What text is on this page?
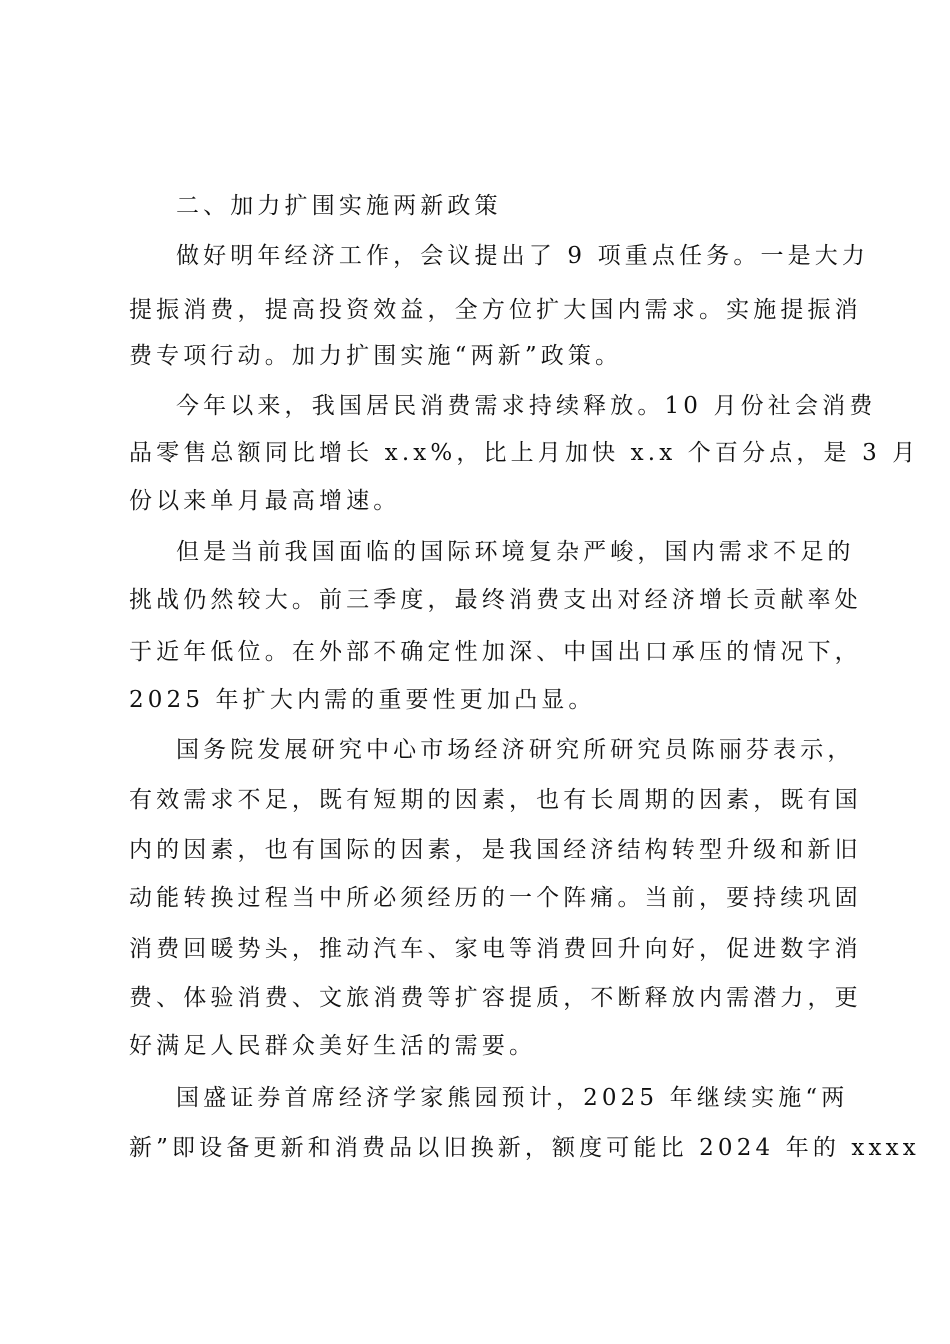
二、加力扩围实施两新政策
做好明年经济工作，会议提出了 9 项重点任务。一是大力
提振消费，提高投资效益，全方位扩大国内需求。实施提振消
费专项行动。加力扩围实施“两新”政策。
今年以来，我国居民消费需求持续释放。10 月份社会消费
品零售总额同比增长 x.x%，比上月加快 x.x 个百分点，是 3 月
份以来单月最高增速。
但是当前我国面临的国际环境复杂严峻，国内需求不足的
挑战仍然较大。前三季度，最终消费支出对经济增长贡献率处
于近年低位。在外部不确定性加深、中国出口承压的情况下，
2025 年扩大内需的重要性更加凸显。
国务院发展研究中心市场经济研究所研究员陈丽芬表示，
有效需求不足，既有短期的因素，也有长周期的因素，既有国
内的因素，也有国际的因素，是我国经济结构转型升级和新旧
动能转换过程当中所必须经历的一个阵痛。当前，要持续巩固
消费回暖势头，推动汽车、家电等消费回升向好，促进数字消
费、体验消费、文旅消费等扩容提质，不断释放内需潜力，更
好满足人民群众美好生活的需要。
国盛证券首席经济学家熊园预计，2025 年继续实施“两
新”即设备更新和消费品以旧换新，额度可能比 2024 年的 xxxx
